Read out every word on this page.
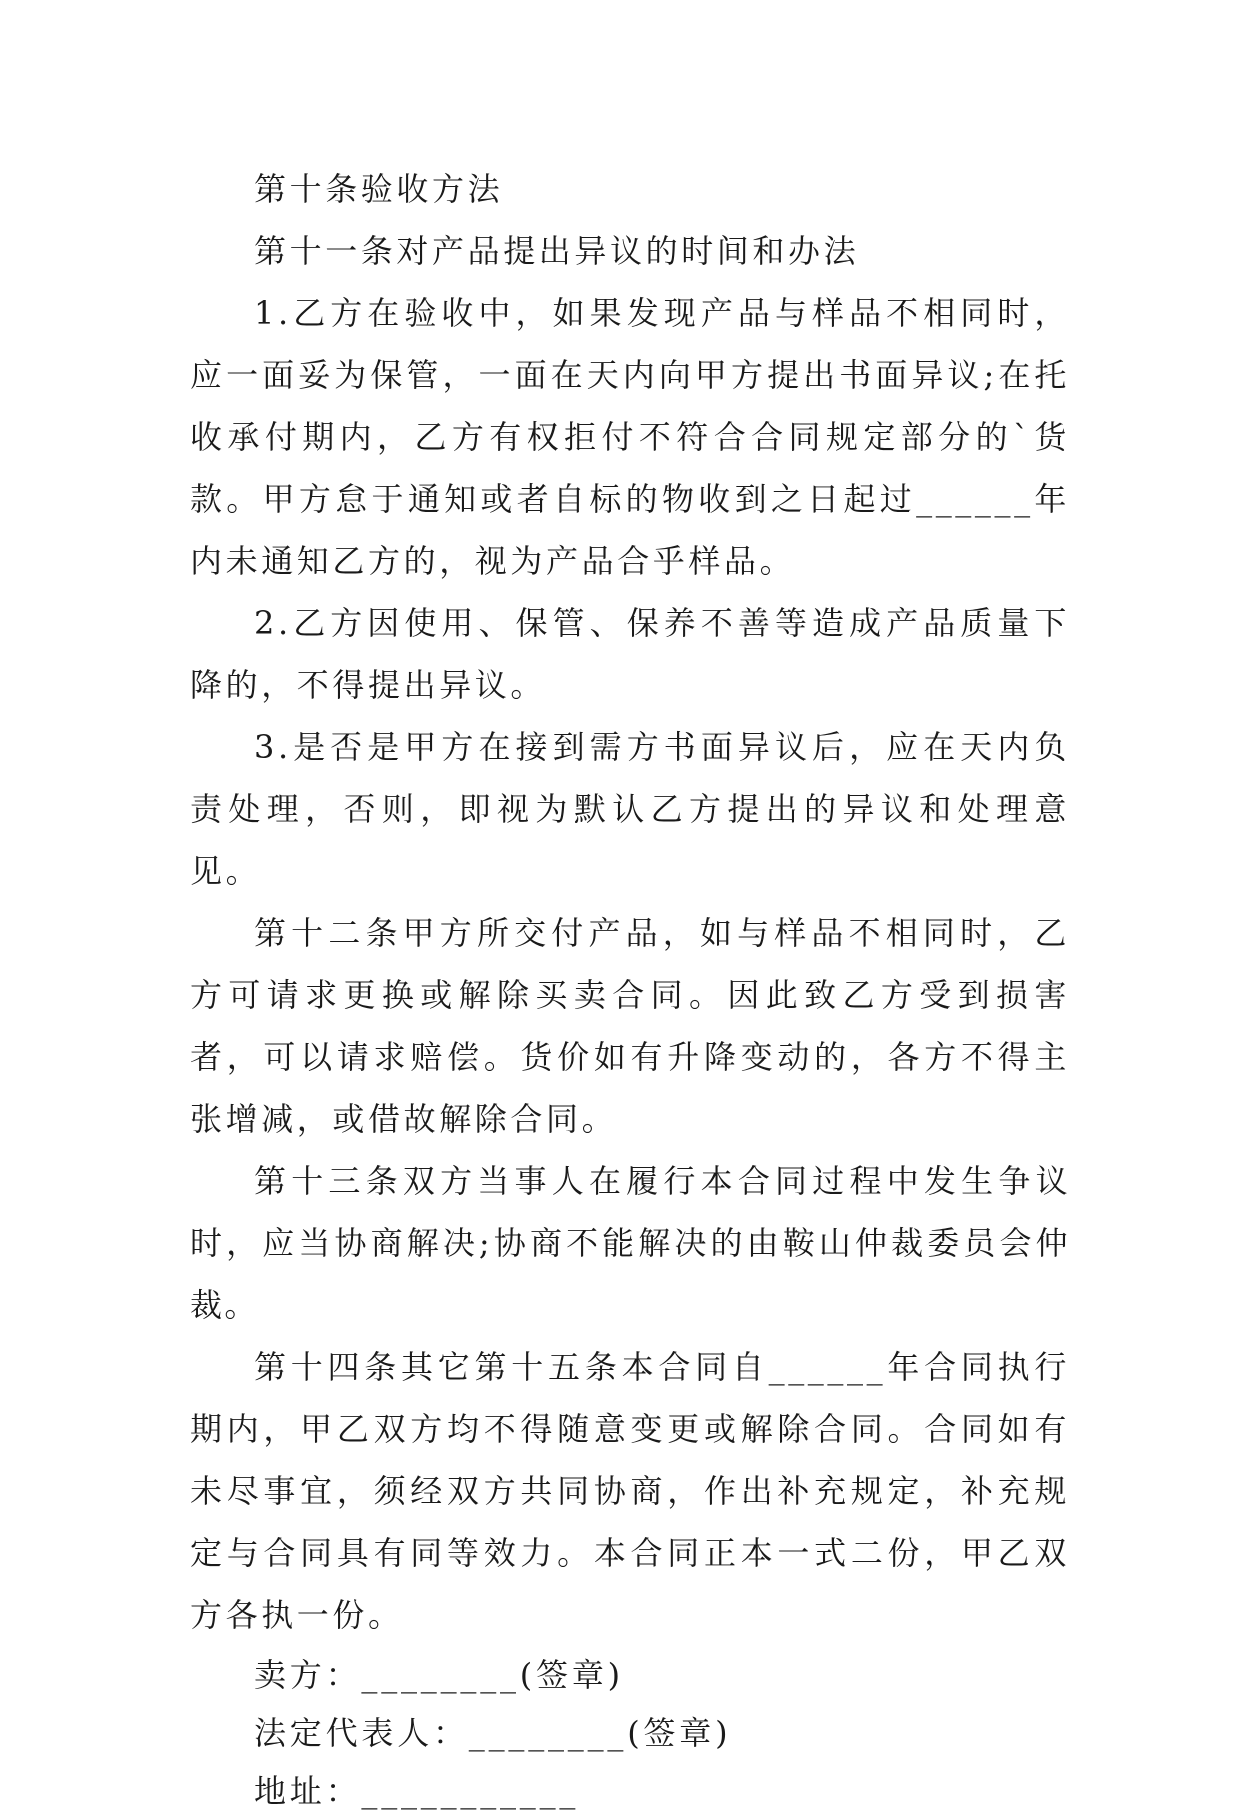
第十条验收方法

第十一条对产品提出异议的时间和办法

1.乙方在验收中，如果发现产品与样品不相同时，应一面妥为保管，一面在天内向甲方提出书面异议;在托收承付期内，乙方有权拒付不符合合同规定部分的`货款。甲方怠于通知或者自标的物收到之日起过______年内未通知乙方的，视为产品合乎样品。

2.乙方因使用、保管、保养不善等造成产品质量下降的，不得提出异议。

3.是否是甲方在接到需方书面异议后，应在天内负责处理，否则，即视为默认乙方提出的异议和处理意见。

第十二条甲方所交付产品，如与样品不相同时，乙方可请求更换或解除买卖合同。因此致乙方受到损害者，可以请求赔偿。货价如有升降变动的，各方不得主张增减，或借故解除合同。

第十三条双方当事人在履行本合同过程中发生争议时，应当协商解决;协商不能解决的由鞍山仲裁委员会仲裁。

第十四条其它第十五条本合同自______年合同执行期内，甲乙双方均不得随意变更或解除合同。合同如有未尽事宜，须经双方共同协商，作出补充规定，补充规定与合同具有同等效力。本合同正本一式二份，甲乙双方各执一份。

卖方：________(签章)

法定代表人：________(签章)

地址：___________
